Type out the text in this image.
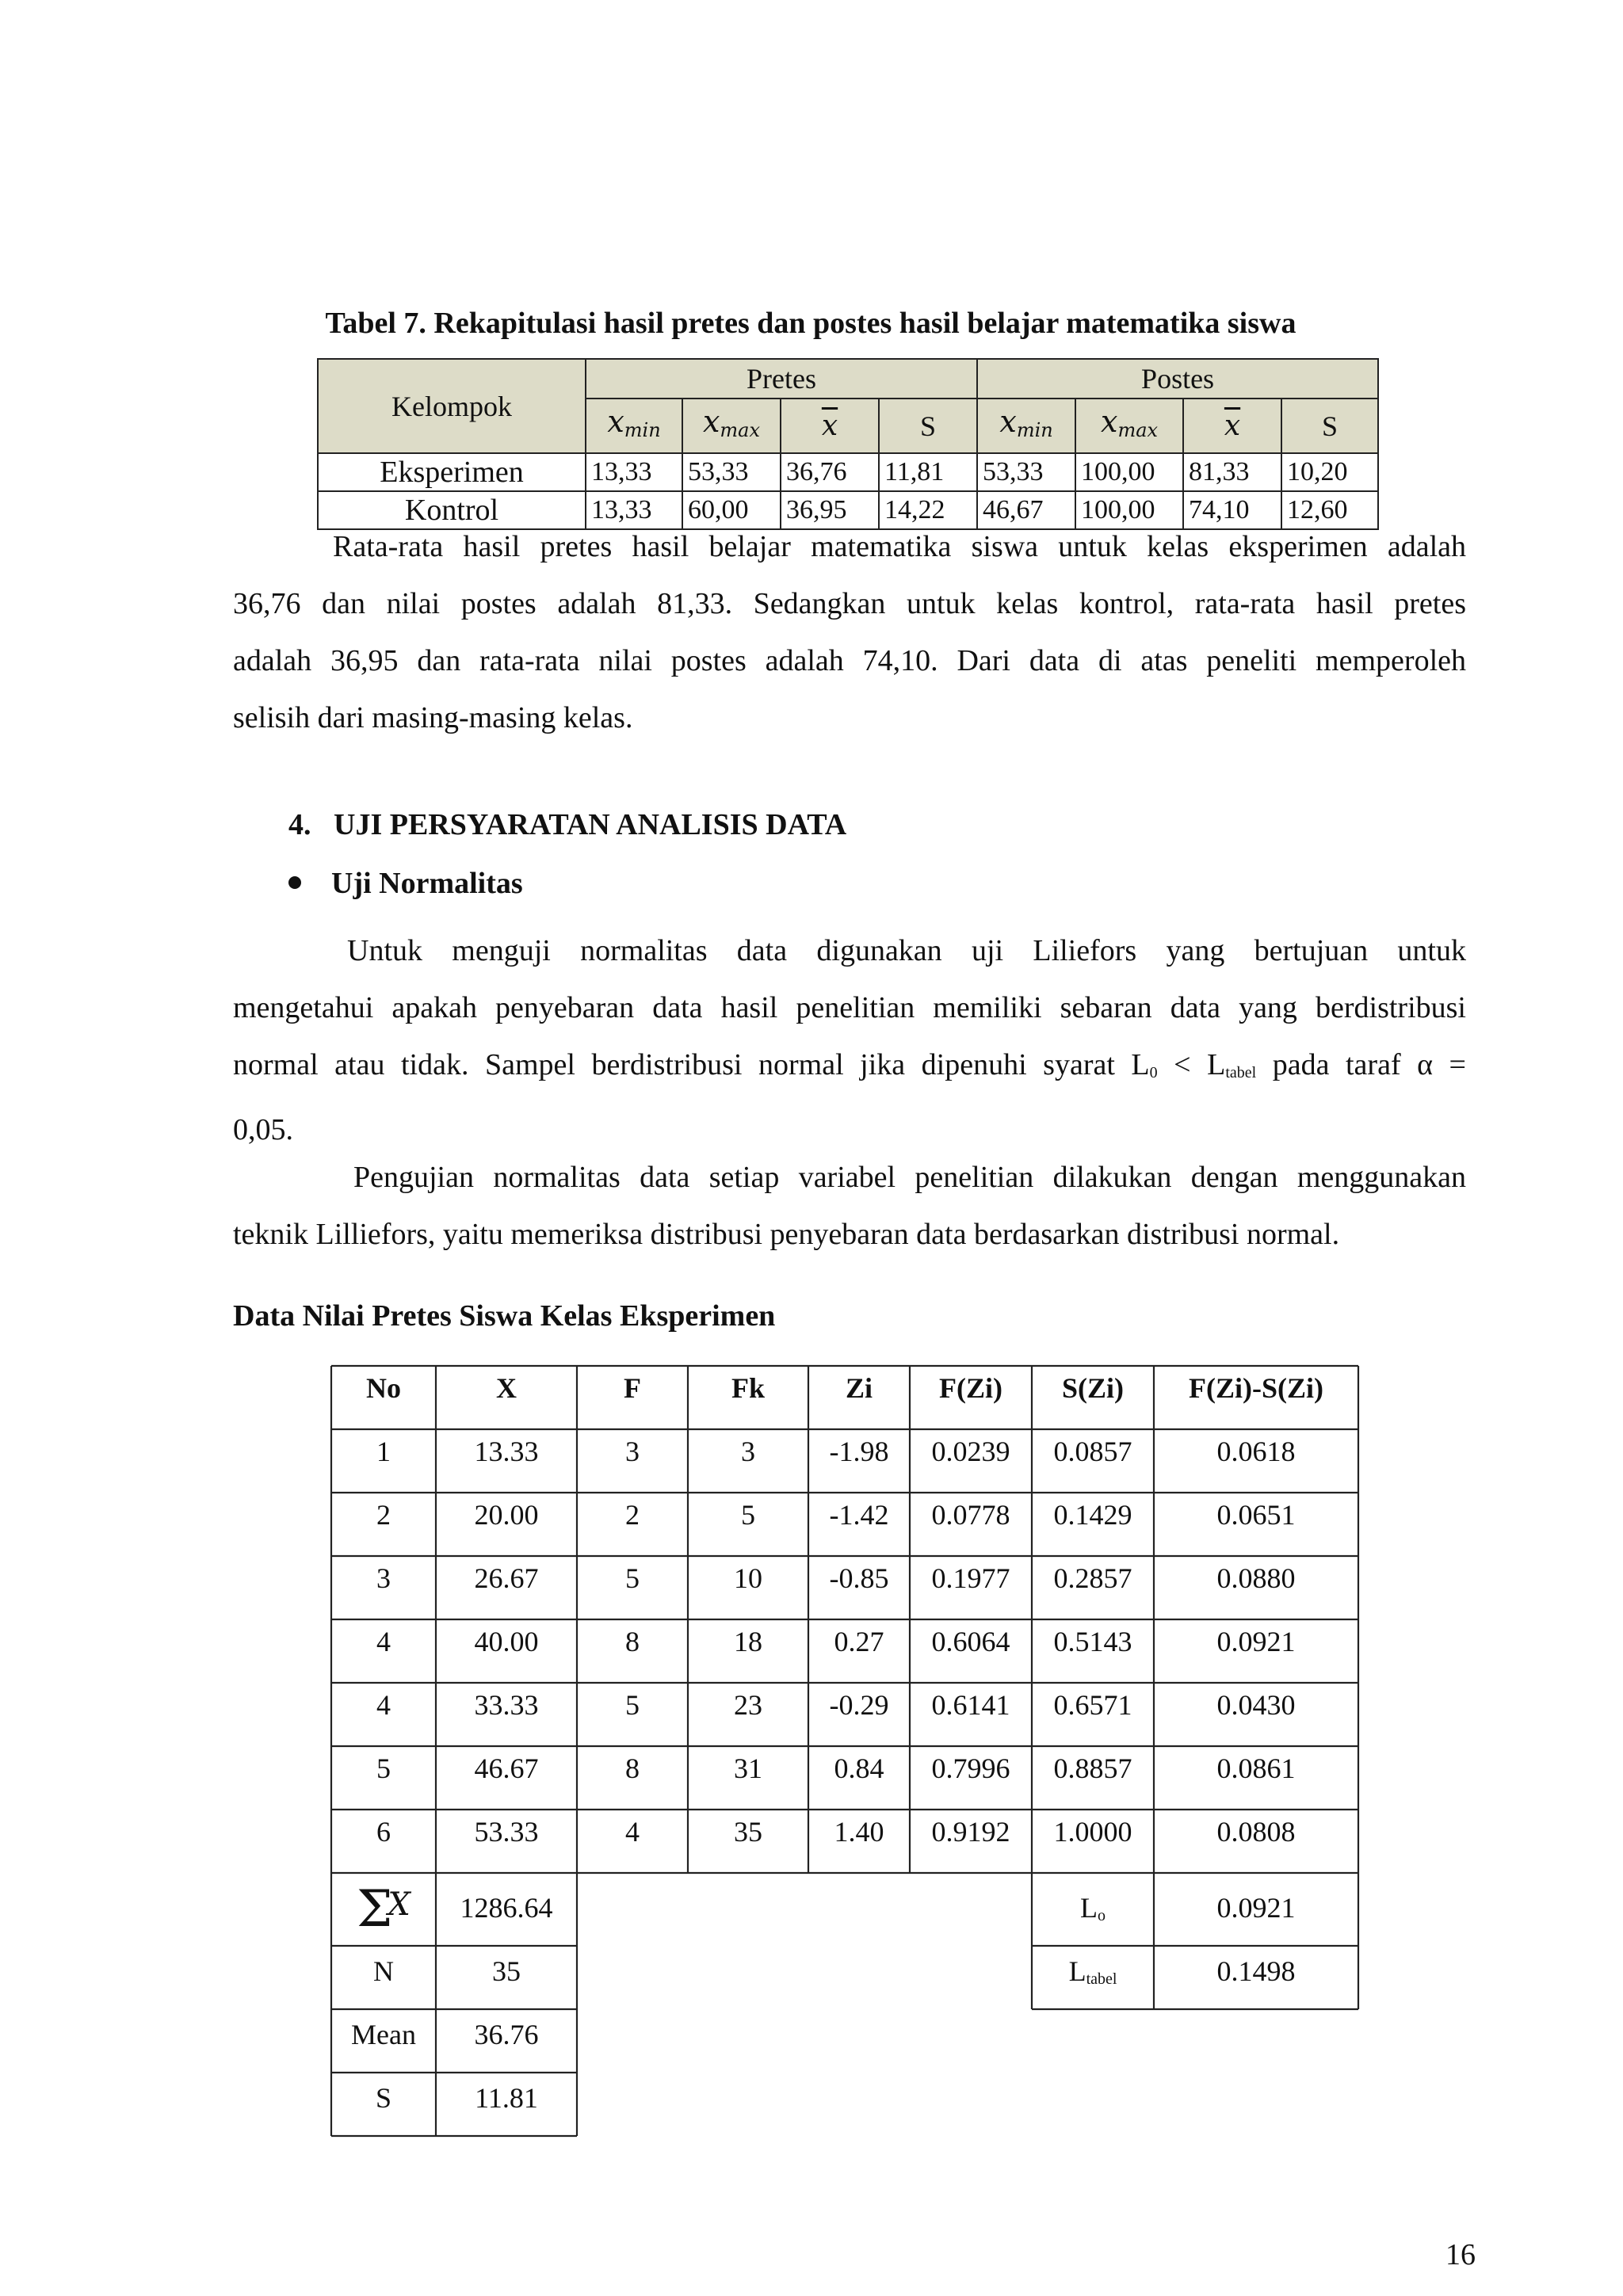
Tabel 7. Rekapitulasi hasil pretes dan postes hasil belajar matematika siswa
Kelompok	Pretes				Postes			
	$x_{min}$	$x_{max}$	$\overline{x}$	S	$x_{min}$	$x_{max}$	$\overline{x}$	S
Eksperimen	13,33	53,33	36,76	11,81	53,33	100,00	81,33	10,20
Kontrol	13,33	60,00	36,95	14,22	46,67	100,00	74,10	12,60
Rata-rata hasil pretes hasil belajar matematika siswa untuk kelas eksperimen adalah
36,76 dan nilai postes adalah 81,33. Sedangkan untuk kelas kontrol, rata-rata hasil pretes
adalah 36,95 dan rata-rata nilai postes adalah 74,10. Dari data di atas peneliti memperoleh
selisih dari masing-masing kelas.
4.   UJI PERSYARATAN ANALISIS DATA
Uji Normalitas
Untuk menguji normalitas data digunakan uji Liliefors yang bertujuan untuk
mengetahui apakah penyebaran data hasil penelitian memiliki sebaran data yang berdistribusi
normal atau tidak. Sampel berdistribusi normal jika dipenuhi syarat $L_0 < L_{tabel}$ pada taraf α =
0,05.
Pengujian normalitas data setiap variabel penelitian dilakukan dengan menggunakan
teknik Lilliefors, yaitu memeriksa distribusi penyebaran data berdasarkan distribusi normal.
Data Nilai Pretes Siswa Kelas Eksperimen
No	X	F	Fk	Zi	F(Zi)	S(Zi)	F(Zi)-S(Zi)
1	13.33	3	3	-1.98	0.0239	0.0857	0.0618
2	20.00	2	5	-1.42	0.0778	0.1429	0.0651
3	26.67	5	10	-0.85	0.1977	0.2857	0.0880
4	40.00	8	18	0.27	0.6064	0.5143	0.0921
4	33.33	5	23	-0.29	0.6141	0.6571	0.0430
5	46.67	8	31	0.84	0.7996	0.8857	0.0861
6	53.33	4	35	1.40	0.9192	1.0000	0.0808
$\Sigma^X$	1286.64
N	35
Mean	36.76
S	11.81
$L_o$	0.0921
$L_{tabel}$	0.1498
16
